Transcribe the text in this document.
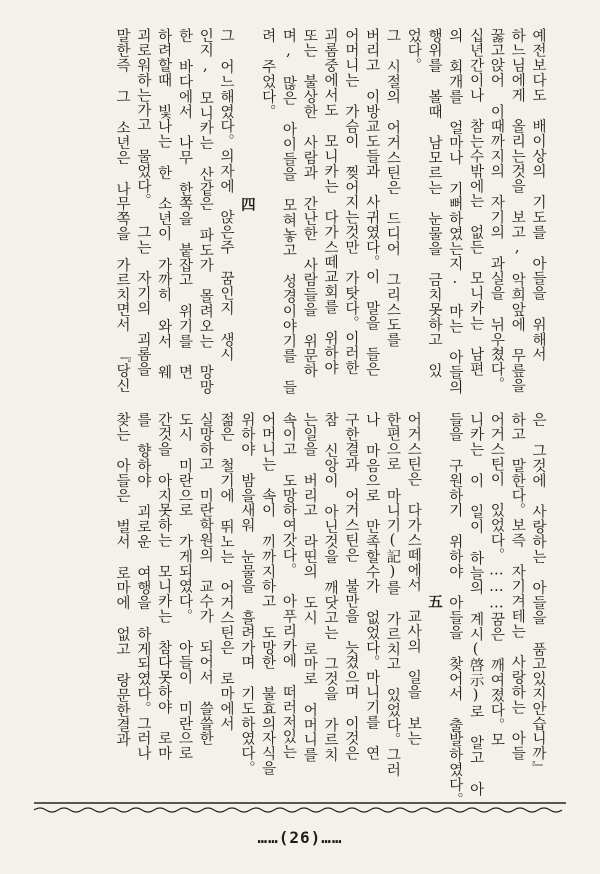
예전보다도 배이상의 기도를 아들을 위해서
하느님에게 올리는것을 보고, 악희앞에 무릎을
꿇고앉어 이때까지의 자기의 과실을 뉘우쳤다。
십년간이나 참는수밖에는 없든 모니카는 남편
의 회개를 얼마나 기뻐하였는지. 마는 아들의
행위를 볼때 남모르는 눈물을 금치못하고 있
었다。
그 시절의 어거스틴은 드디어 그리스도를
버리고 이방교도들과 사귀였다。이 말을 들은
어머니는 가슴이 찢어지는것만 가탓다。이러한
괴롬중에서도 모니카는 다가스떼교회를 위하야
또는 불상한 사람과 간난한 사람들을 위문하
며, 많은 아이들을 모혀놓고 성경이야기를 들
려 주었다。
四
그 어느해였다。의자에 앉은주 꿈인지 생시
인지, 모니카는 산같은 파도가 몰려오는 망망
한 바다에서 나무 한쪽을 붙잡고 위기를 면
하려할때 빛나는 한 소년이 가까히 와서 웨
괴로워하는가고 물었다。 그는 자기의 괴롬을
말한즉 그 소년은 나무쪽을 가르치면서 『당신
은 그것에 사랑하는 아들을 품고있지안습니까』
하고 말한다。보즉 자기겨테는 사랑하는 아들
어거스틴이 있었다。………꿈은 깨여졌다。모
니카는 이 일이 하늘의 계시(啓示)로 알고 아
들을 구원하기 위하야 아들을 찾어서 출발하였다。
五
어거스틴은 다가스떼에서 교사의 일을 보는
한편으로 마니기(記)를 가르치고 있었다。그러
나 마음으로 만족할수가 없었다。마니기를 연
구한결과 어거스틴은 불만을 늣겼으며 이것은
참 신앙이 아닌것을 깨닷고는 그것을 가르치
는일을 버리고 라띤의 도시 로마로 어머니를
속이고 도망하여갓다。 아푸리카에 떠러저있는
어머니는 속이 끼까지하고 도망한 불효의자식을
위하야 밤을새워 눈물을 흘려가며 기도하였다。
젊은 철기에 뛰노는 어거스틴은 로마에서
실망하고 미란학원의 교수가 되어서 쓸쓸한
도시 미란으로 가게되였다。 아들이 미란으로
간것을 아지못하는 모니카는 참다못하야 로마
를 향하야 괴로운 여행을 하게되였다。그러나
찾는 아들은 벌서 로마에 없고 랑문한결과
……(26)……
